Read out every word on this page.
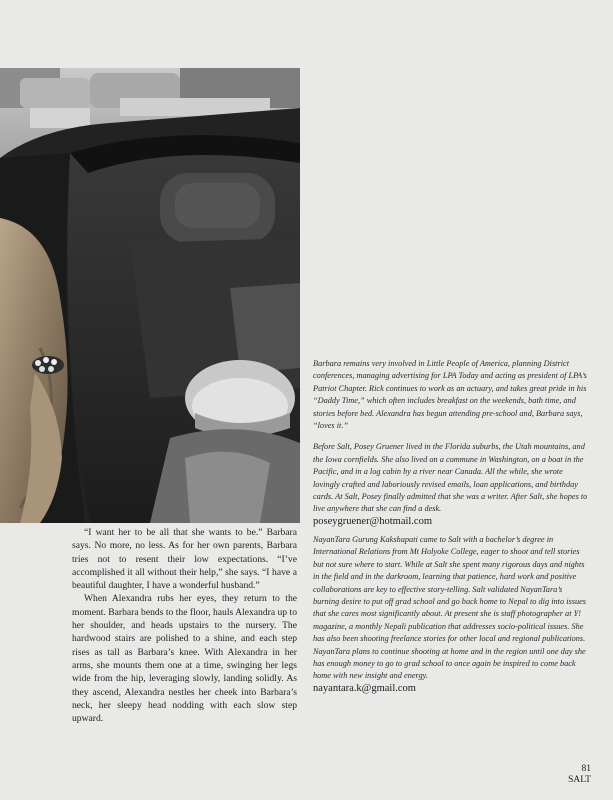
Barbara remains very involved in Little People of America, planning District conferences, managing advertising for LPA Today and acting as president of LPA’s Patriot Chapter. Rick continues to work as an actuary, and takes great pride in his “Daddy Time,” which often includes breakfast on the weekends, bath time, and stories before bed. Alexandra has begun attending pre-school and, Barbara says, “loves it.”

Before Salt, Posey Gruener lived in the Florida suburbs, the Utah mountains, and the Iowa cornfields. She also lived on a commune in Washington, on a boat in the Pacific, and in a log cabin by a river near Canada. All the while, she wrote lovingly crafted and laboriously revised emails, loan applications, and birthday cards. At Salt, Posey finally admitted that she was a writer. After Salt, she hopes to live anywhere that she can find a desk.

poseygruener@hotmail.com

“I want her to be all that she wants to be.” Barbara says. No more, no less. As for her own parents, Barbara tries not to resent their low expectations. “I’ve accomplished it all without their help,” she says. “I have a beautiful daughter, I have a wonderful husband.”

When Alexandra rubs her eyes, they return to the moment. Barbara bends to the floor, hauls Alexandra up to her shoulder, and heads upstairs to the nursery. The hardwood stairs are polished to a shine, and each step rises as tall as Barbara’s knee. With Alexandra in her arms, she mounts them one at a time, swinging her legs wide from the hip, leveraging slowly, landing solidly. As they ascend, Alexandra nestles her cheek into Barbara’s neck, her sleepy head nodding with each slow step upward.

NayanTara Gurung Kakshapati came to Salt with a bachelor’s degree in International Relations from Mt Holyoke College, eager to shoot and tell stories but not sure where to start. While at Salt she spent many rigorous days and nights in the field and in the darkroom, learning that patience, hard work and positive collaborations are key to effective story-telling. Salt validated NayanTara’s burning desire to put off grad school and go back home to Nepal to dig into issues that she cares most significantly about. At present she is staff photographer at Y! magazine, a monthly Nepali publication that addresses socio-political issues. She has also been shooting freelance stories for other local and regional publications. NayanTara plans to continue shooting at home and in the region until one day she has enough money to go to grad school to once again be inspired to come back home with new insight and energy.

nayantara.k@gmail.com
81
SALT
